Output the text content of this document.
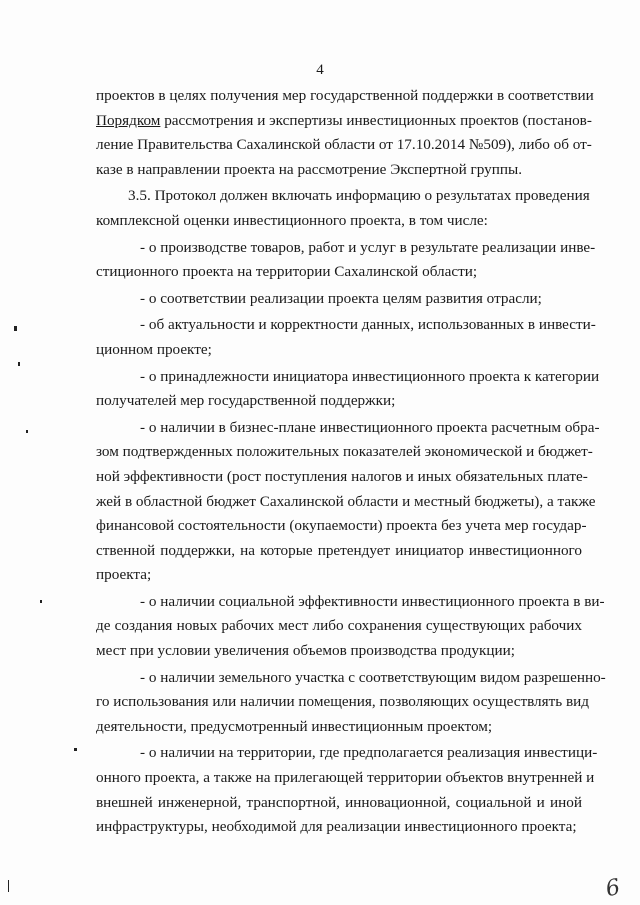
4
проектов в целях получения мер государственной поддержки в соответствии
Порядком рассмотрения и экспертизы инвестиционных проектов (постанов-
ление Правительства Сахалинской области от 17.10.2014 №509), либо об от-
казе в направлении проекта на рассмотрение Экспертной группы.
3.5. Протокол должен включать информацию о результатах проведения
комплексной оценки инвестиционного проекта, в том числе:
- о производстве товаров, работ и услуг в результате реализации инве-
стиционного проекта на территории Сахалинской области;
- о соответствии реализации проекта целям развития отрасли;
- об актуальности и корректности данных, использованных в инвести-
ционном проекте;
- о принадлежности инициатора инвестиционного проекта к категории
получателей мер государственной поддержки;
- о наличии в бизнес-плане инвестиционного проекта расчетным обра-
зом подтвержденных положительных показателей экономической и бюджет-
ной эффективности (рост поступления налогов и иных обязательных плате-
жей в областной бюджет Сахалинской области и местный бюджеты), а также
финансовой состоятельности (окупаемости) проекта без учета мер государ-
ственной поддержки, на которые претендует инициатор инвестиционного
проекта;
- о наличии социальной эффективности инвестиционного проекта в ви-
де создания новых рабочих мест либо сохранения существующих рабочих
мест при условии увеличения объемов производства продукции;
- о наличии земельного участка с соответствующим видом разрешенно-
го использования или наличии помещения, позволяющих осуществлять вид
деятельности, предусмотренный инвестиционным проектом;
- о наличии на территории, где предполагается реализация инвестици-
онного проекта, а также на прилегающей территории объектов внутренней и
внешней инженерной, транспортной, инновационной, социальной и иной
инфраструктуры, необходимой для реализации инвестиционного проекта;
6
